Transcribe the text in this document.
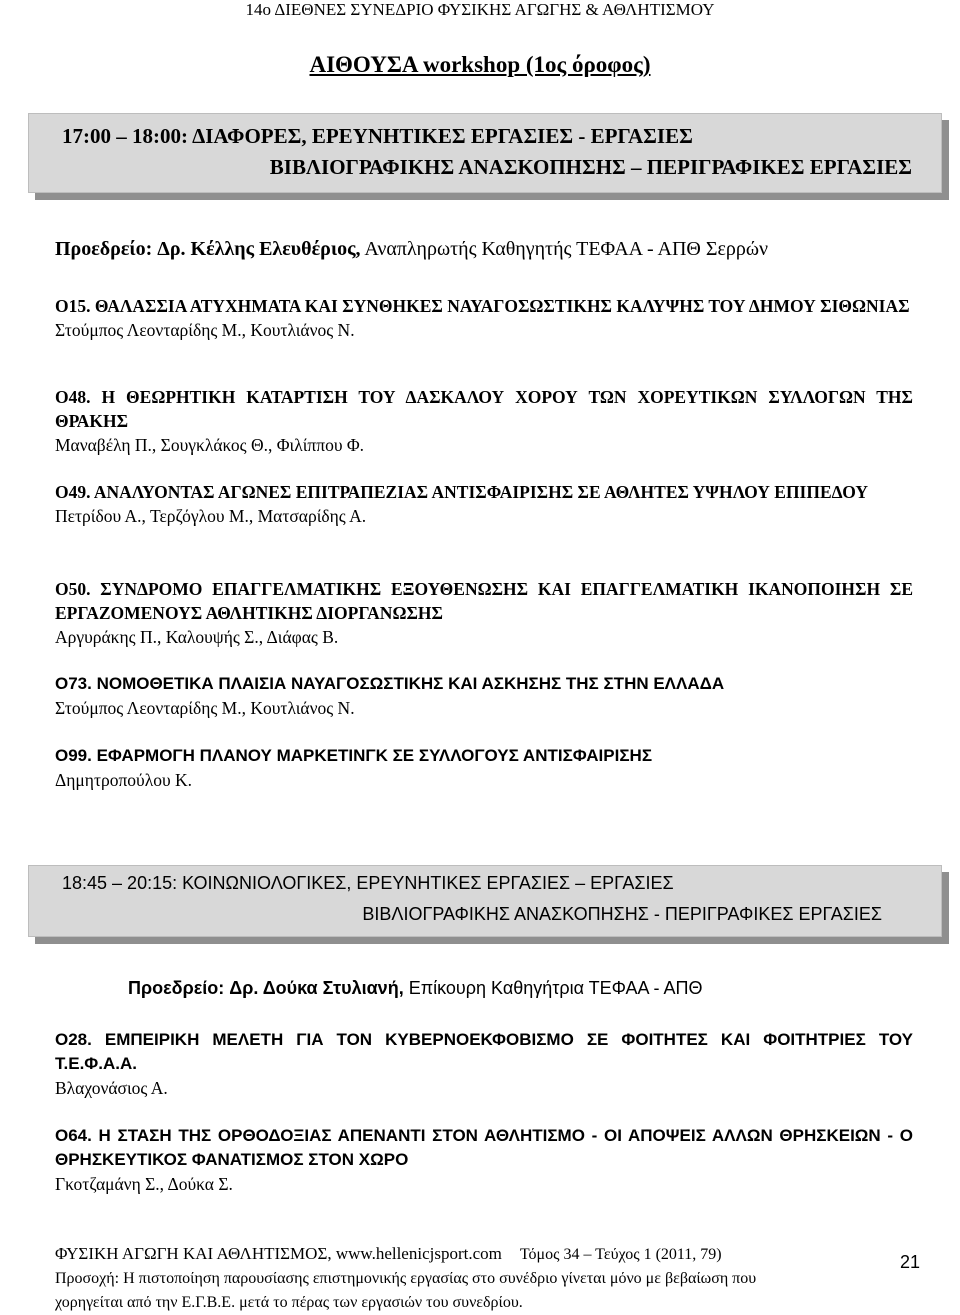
14ο ΔΙΕΘΝΕΣ ΣΥΝΕΔΡΙΟ ΦΥΣΙΚΗΣ ΑΓΩΓΗΣ & ΑΘΛΗΤΙΣΜΟΥ
ΑΙΘΟΥΣΑ workshop (1ος όροφος)
17:00 – 18:00: ΔΙΑΦΟΡΕΣ, ΕΡΕΥΝΗΤΙΚΕΣ ΕΡΓΑΣΙΕΣ - ΕΡΓΑΣΙΕΣ
ΒΙΒΛΙΟΓΡΑΦΙΚΗΣ ΑΝΑΣΚΟΠΗΣΗΣ – ΠΕΡΙΓΡΑΦΙΚΕΣ ΕΡΓΑΣΙΕΣ
Προεδρείο: Δρ. Κέλλης Ελευθέριος, Αναπληρωτής Καθηγητής ΤΕΦΑΑ - ΑΠΘ Σερρών
Ο15. ΘΑΛΑΣΣΙΑ ΑΤΥΧΗΜΑΤΑ ΚΑΙ ΣΥΝΘΗΚΕΣ ΝΑΥΑΓΟΣΩΣΤΙΚΗΣ ΚΑΛΥΨΗΣ ΤΟΥ ΔΗΜΟΥ ΣΙΘΩΝΙΑΣ
Στούμπος Λεονταρίδης Μ., Κουτλιάνος Ν.
Ο48. Η ΘΕΩΡΗΤΙΚΗ ΚΑΤΑΡΤΙΣΗ ΤΟΥ ΔΑΣΚΑΛΟΥ ΧΟΡΟΥ ΤΩΝ ΧΟΡΕΥΤΙΚΩΝ ΣΥΛΛΟΓΩΝ ΤΗΣ ΘΡΑΚΗΣ
Μαναβέλη Π., Σουγκλάκος Θ., Φιλίππου Φ.
Ο49. ΑΝΑΛΥΟΝΤΑΣ ΑΓΩΝΕΣ ΕΠΙΤΡΑΠΕΖΙΑΣ ΑΝΤΙΣΦΑΙΡΙΣΗΣ ΣΕ ΑΘΛΗΤΕΣ ΥΨΗΛΟΥ ΕΠΙΠΕΔΟΥ
Πετρίδου Α., Τερζόγλου Μ., Ματσαρίδης Α.
Ο50. ΣΥΝΔΡΟΜΟ ΕΠΑΓΓΕΛΜΑΤΙΚΗΣ ΕΞΟΥΘΕΝΩΣΗΣ ΚΑΙ ΕΠΑΓΓΕΛΜΑΤΙΚΗ ΙΚΑΝΟΠΟΙΗΣΗ ΣΕ ΕΡΓΑΖΟΜΕΝΟΥΣ ΑΘΛΗΤΙΚΗΣ ΔΙΟΡΓΑΝΩΣΗΣ
Αργυράκης Π., Καλουψής Σ., Διάφας Β.
Ο73. ΝΟΜΟΘΕΤΙΚΑ ΠΛΑΙΣΙΑ ΝΑΥΑΓΟΣΩΣΤΙΚΗΣ ΚΑΙ ΑΣΚΗΣΗΣ ΤΗΣ ΣΤΗΝ ΕΛΛΑΔΑ
Στούμπος Λεονταρίδης Μ., Κουτλιάνος Ν.
Ο99. ΕΦΑΡΜΟΓΗ ΠΛΑΝΟΥ ΜΑΡΚΕΤΙΝΓΚ ΣΕ ΣΥΛΛΟΓΟΥΣ ΑΝΤΙΣΦΑΙΡΙΣΗΣ
Δημητροπούλου Κ.
18:45 – 20:15: ΚΟΙΝΩΝΙΟΛΟΓΙΚΕΣ, ΕΡΕΥΝΗΤΙΚΕΣ ΕΡΓΑΣΙΕΣ – ΕΡΓΑΣΙΕΣ
ΒΙΒΛΙΟΓΡΑΦΙΚΗΣ ΑΝΑΣΚΟΠΗΣΗΣ - ΠΕΡΙΓΡΑΦΙΚΕΣ ΕΡΓΑΣΙΕΣ
Προεδρείο: Δρ. Δούκα Στυλιανή, Επίκουρη Καθηγήτρια ΤΕΦΑΑ - ΑΠΘ
Ο28. ΕΜΠΕΙΡΙΚΗ ΜΕΛΕΤΗ ΓΙΑ ΤΟΝ ΚΥΒΕΡΝΟΕΚΦΟΒΙΣΜΟ ΣΕ ΦΟΙΤΗΤΕΣ ΚΑΙ ΦΟΙΤΗΤΡΙΕΣ ΤΟΥ Τ.Ε.Φ.Α.Α.
Βλαχονάσιος Α.
Ο64. Η ΣΤΑΣΗ ΤΗΣ ΟΡΘΟΔΟΞΙΑΣ ΑΠΕΝΑΝΤΙ ΣΤΟΝ ΑΘΛΗΤΙΣΜΟ - ΟΙ ΑΠΟΨΕΙΣ ΑΛΛΩΝ ΘΡΗΣΚΕΙΩΝ - Ο ΘΡΗΣΚΕΥΤΙΚΟΣ ΦΑΝΑΤΙΣΜΟΣ ΣΤΟΝ ΧΩΡΟ
Γκοτζαμάνη Σ., Δούκα Σ.
ΦΥΣΙΚΗ ΑΓΩΓΗ ΚΑΙ ΑΘΛΗΤΙΣΜΟΣ, www.hellenicjsport.com Τόμος 34 – Τεύχος 1 (2011, 79)
Προσοχή: Η πιστοποίηση παρουσίασης επιστημονικής εργασίας στο συνέδριο γίνεται μόνο με βεβαίωση που
χορηγείται από την Ε.Γ.Β.Ε. μετά το πέρας των εργασιών του συνεδρίου.
21
